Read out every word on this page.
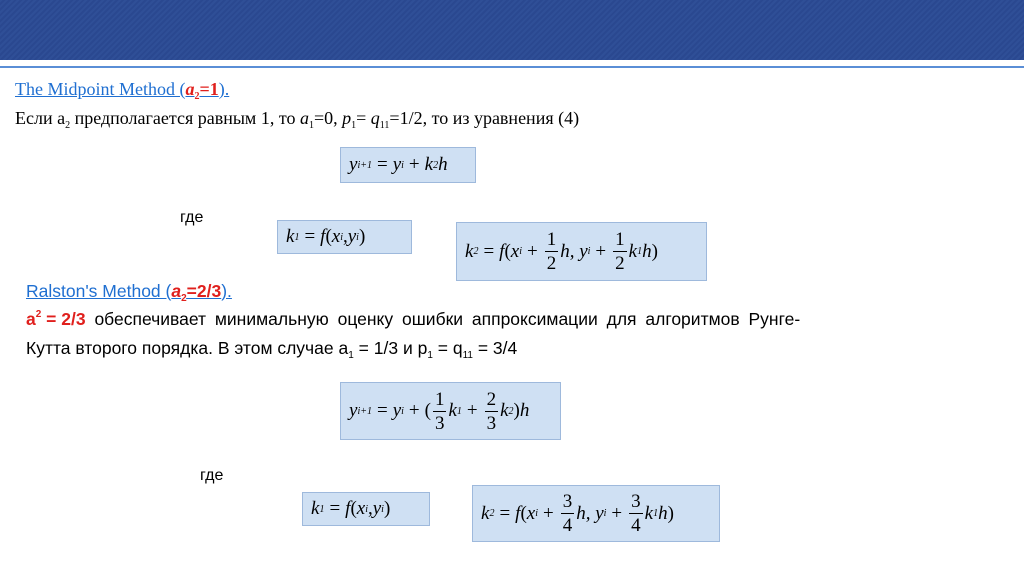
The Midpoint Method $(a_2=1)$.
Если $a_2$ предполагается равным 1, то $a_1=0$, $p_1= q_{11}=1/2$, то из уравнения (4)
y i+1 = y i + k 2 h
где
k 1 = f ( x i , y i )
k 2 = f ( x $i + \frac{1}{2} h$,
y $i + \frac{1}{2}$ k 1 h )
Ralston's Method $(a_2=2/3)$.
a 2 = 2/3 обеспечивает минимальную оценку ошибки аппроксимации для алгоритмов Рунге-
Кутта второго порядка. В этом случае $a_1 = 1/3$ и $p_1 = q_{11} = 3/4$
y i+1 = y i + ( $\frac{1}{3}$ k $1 + \frac{2}{3}$ k 2 ) h
где
k 1 = f ( x i , y i )	k 2 = f ( x $i + \frac{3}{4} h$,
y $i + \frac{3}{4}$ k 1 h )
